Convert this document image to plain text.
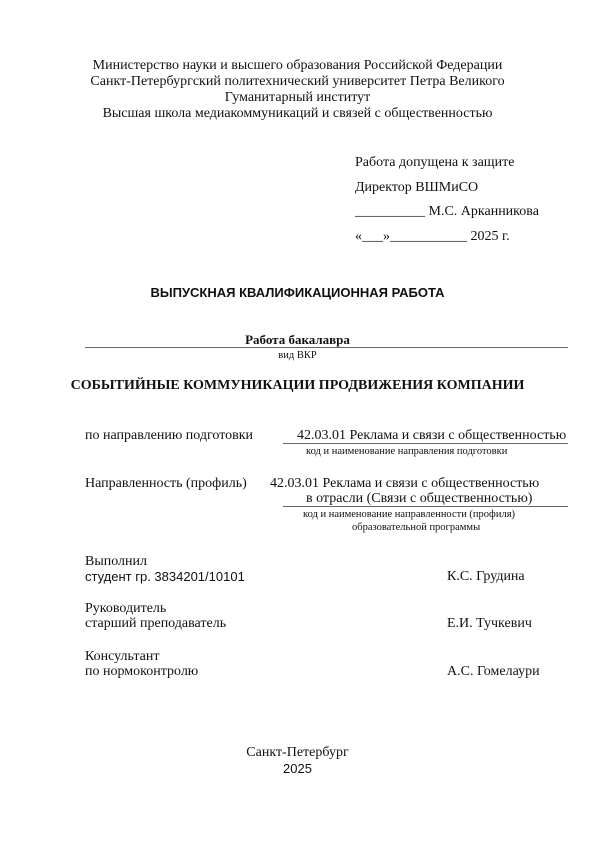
Министерство науки и высшего образования Российской Федерации
Санкт-Петербургский политехнический университет Петра Великого
Гуманитарный институт
Высшая школа медиакоммуникаций и связей с общественностью
Работа допущена к защите
Директор ВШМиСО
__________ М.С. Арканникова
«___»___________ 2025 г.
ВЫПУСКНАЯ КВАЛИФИКАЦИОННАЯ РАБОТА
Работа бакалавра
вид ВКР
СОБЫТИЙНЫЕ КОММУНИКАЦИИ ПРОДВИЖЕНИЯ КОМПАНИИ
по направлению подготовки	42.03.01 Реклама и связи с общественностью
код и наименование направления подготовки
Направленность (профиль) 42.03.01 Реклама и связи с общественностью
в отрасли (Связи с общественностью)
код и наименование направленности (профиля)
образовательной программы
Выполнил
студент гр. 3834201/10101	К.С. Грудина
Руководитель
старший преподаватель	Е.И. Тучкевич
Консультант
по нормоконтролю	А.С. Гомелаури
Санкт-Петербург
2025
